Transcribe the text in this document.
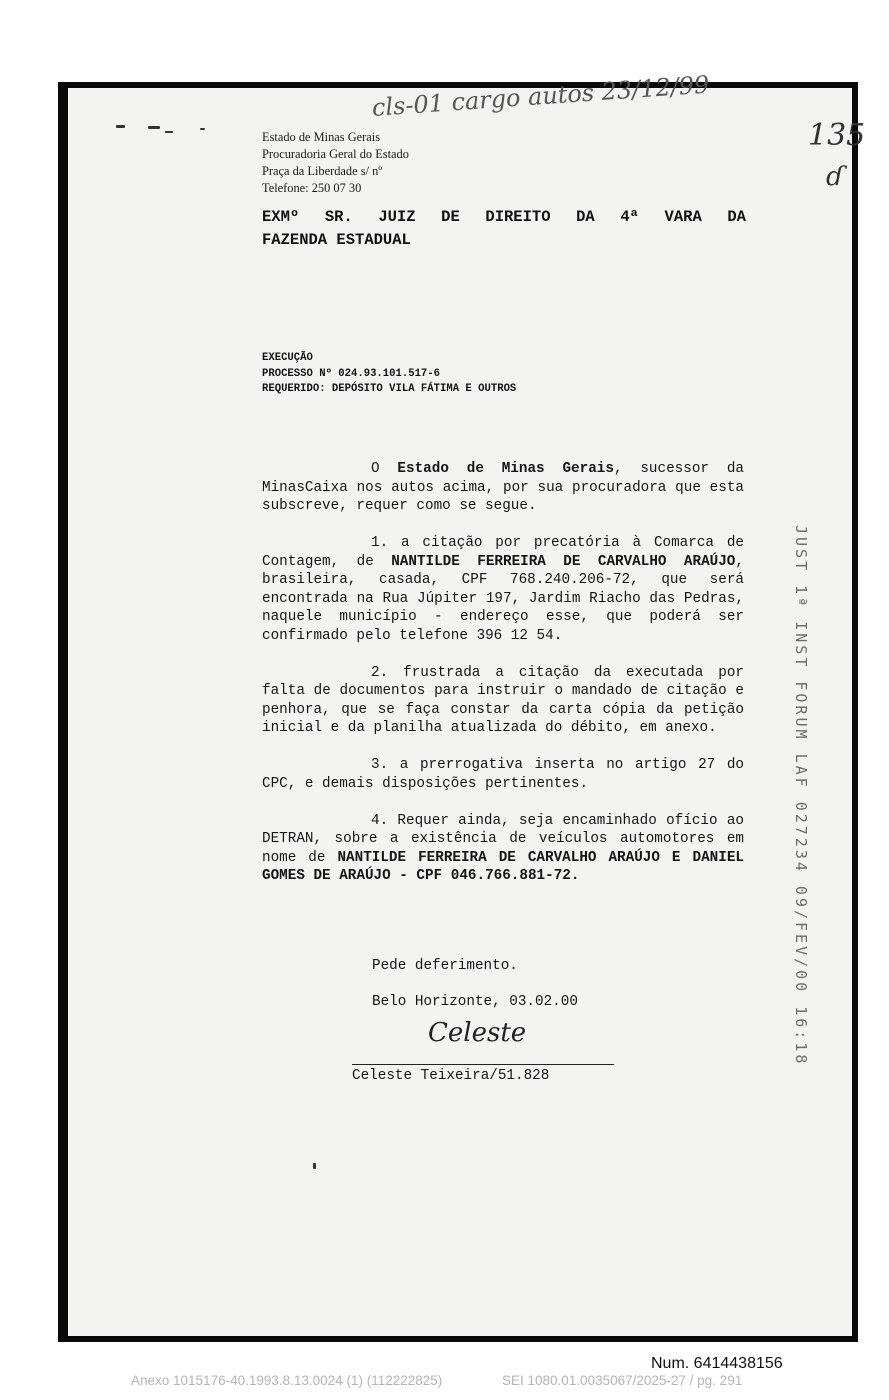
cls-01 cargo autos 23/12/99
135
ɗ
Estado de Minas Gerais
Procuradoria Geral do Estado
Praça da Liberdade s/ nº
Telefone: 250 07 30
EXMº SR. JUIZ DE DIREITO DA 4ª VARA DA
FAZENDA ESTADUAL
EXECUÇÃO
PROCESSO Nº 024.93.101.517-6
REQUERIDO: DEPÓSITO VILA FÁTIMA E OUTROS

O Estado de Minas Gerais, sucessor da MinasCaixa nos autos acima, por sua procuradora que esta subscreve, requer como se segue.

1. a citação por precatória à Comarca de Contagem, de NANTILDE FERREIRA DE CARVALHO ARAÚJO, brasileira, casada, CPF 768.240.206-72, que será encontrada na Rua Júpiter 197, Jardim Riacho das Pedras, naquele município - endereço esse, que poderá ser confirmado pelo telefone 396 12 54.

2. frustrada a citação da executada por falta de documentos para instruir o mandado de citação e penhora, que se faça constar da carta cópia da petição inicial e da planilha atualizada do débito, em anexo.

3. a prerrogativa inserta no artigo 27 do CPC, e demais disposições pertinentes.

4. Requer ainda, seja encaminhado ofício ao DETRAN, sobre a existência de veículos automotores em nome de NANTILDE FERREIRA DE CARVALHO ARAÚJO E DANIEL GOMES DE ARAÚJO - CPF 046.766.881-72.

Pede deferimento.
Belo Horizonte, 03.02.00
Celeste
Celeste Teixeira/51.828
JUST 1ª INST FORUM LAF 027234 09/FEV/00 16:18
Num. 6414438156
Anexo 1015176-40.1993.8.13.0024 (1) (112222825)	SEI 1080.01.0035067/2025-27 / pg. 291
